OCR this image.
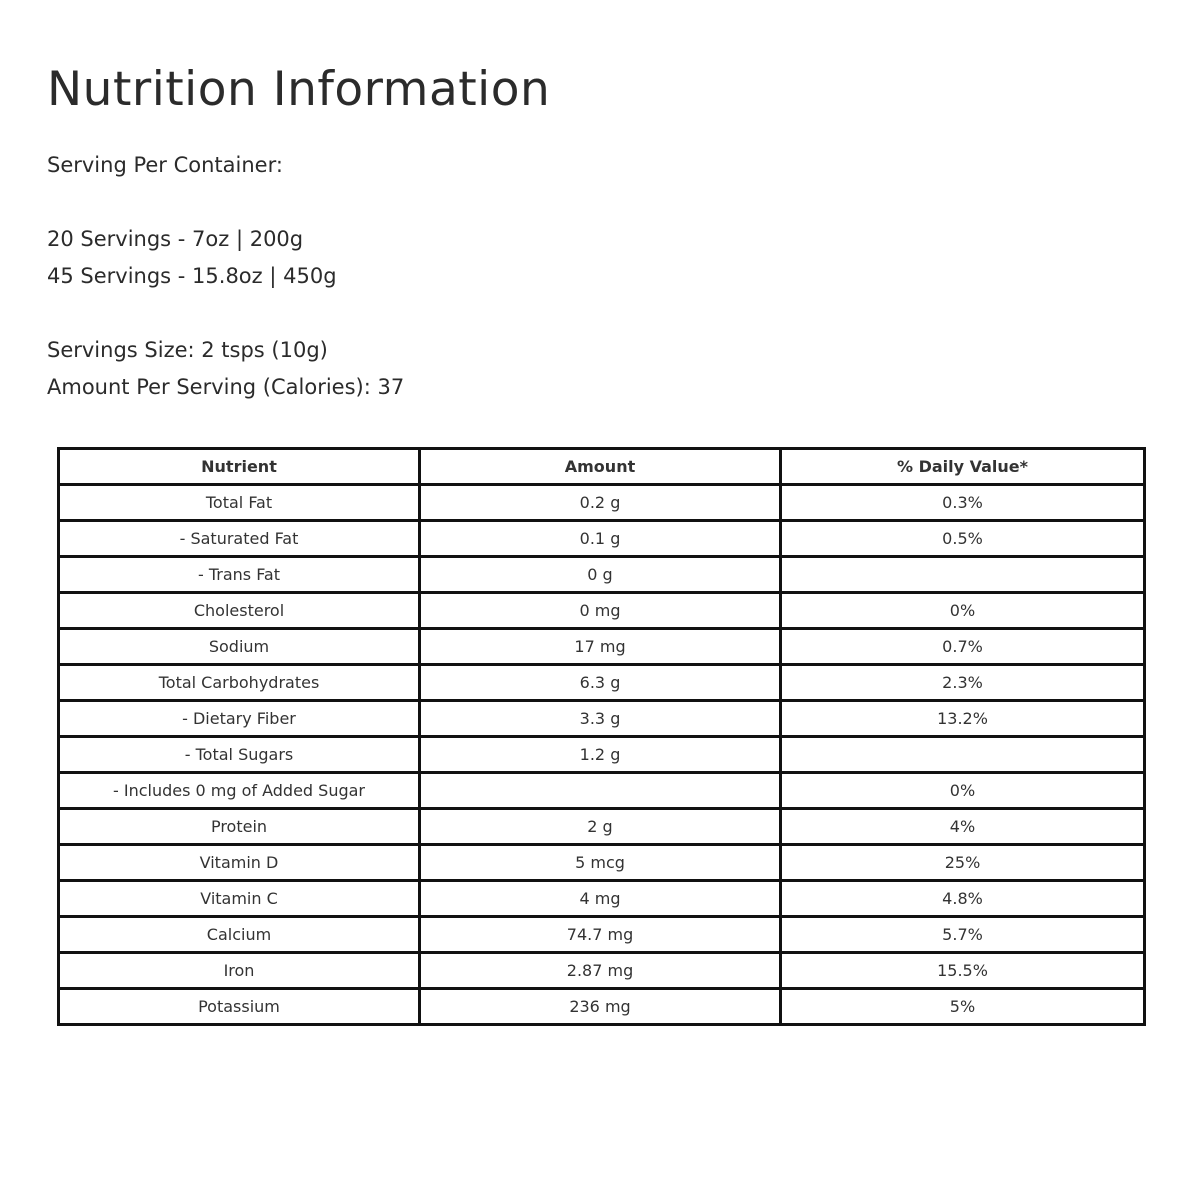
Nutrition Information

Serving Per Container:

20 Servings - 7oz | 200g

45 Servings - 15.8oz | 450g

Servings Size: 2 tsps (10g)

Amount Per Serving (Calories): 37

Nutrient	Amount	% Daily Value*
Total Fat	0.2 g	0.3%
- Saturated Fat	0.1 g	0.5%
- Trans Fat	0 g	
Cholesterol	0 mg	0%
Sodium	17 mg	0.7%
Total Carbohydrates	6.3 g	2.3%
- Dietary Fiber	3.3 g	13.2%
- Total Sugars	1.2 g	
- Includes 0 mg of Added Sugar		0%
Protein	2 g	4%
Vitamin D	5 mcg	25%
Vitamin C	4 mg	4.8%
Calcium	74.7 mg	5.7%
Iron	2.87 mg	15.5%
Potassium	236 mg	5%
